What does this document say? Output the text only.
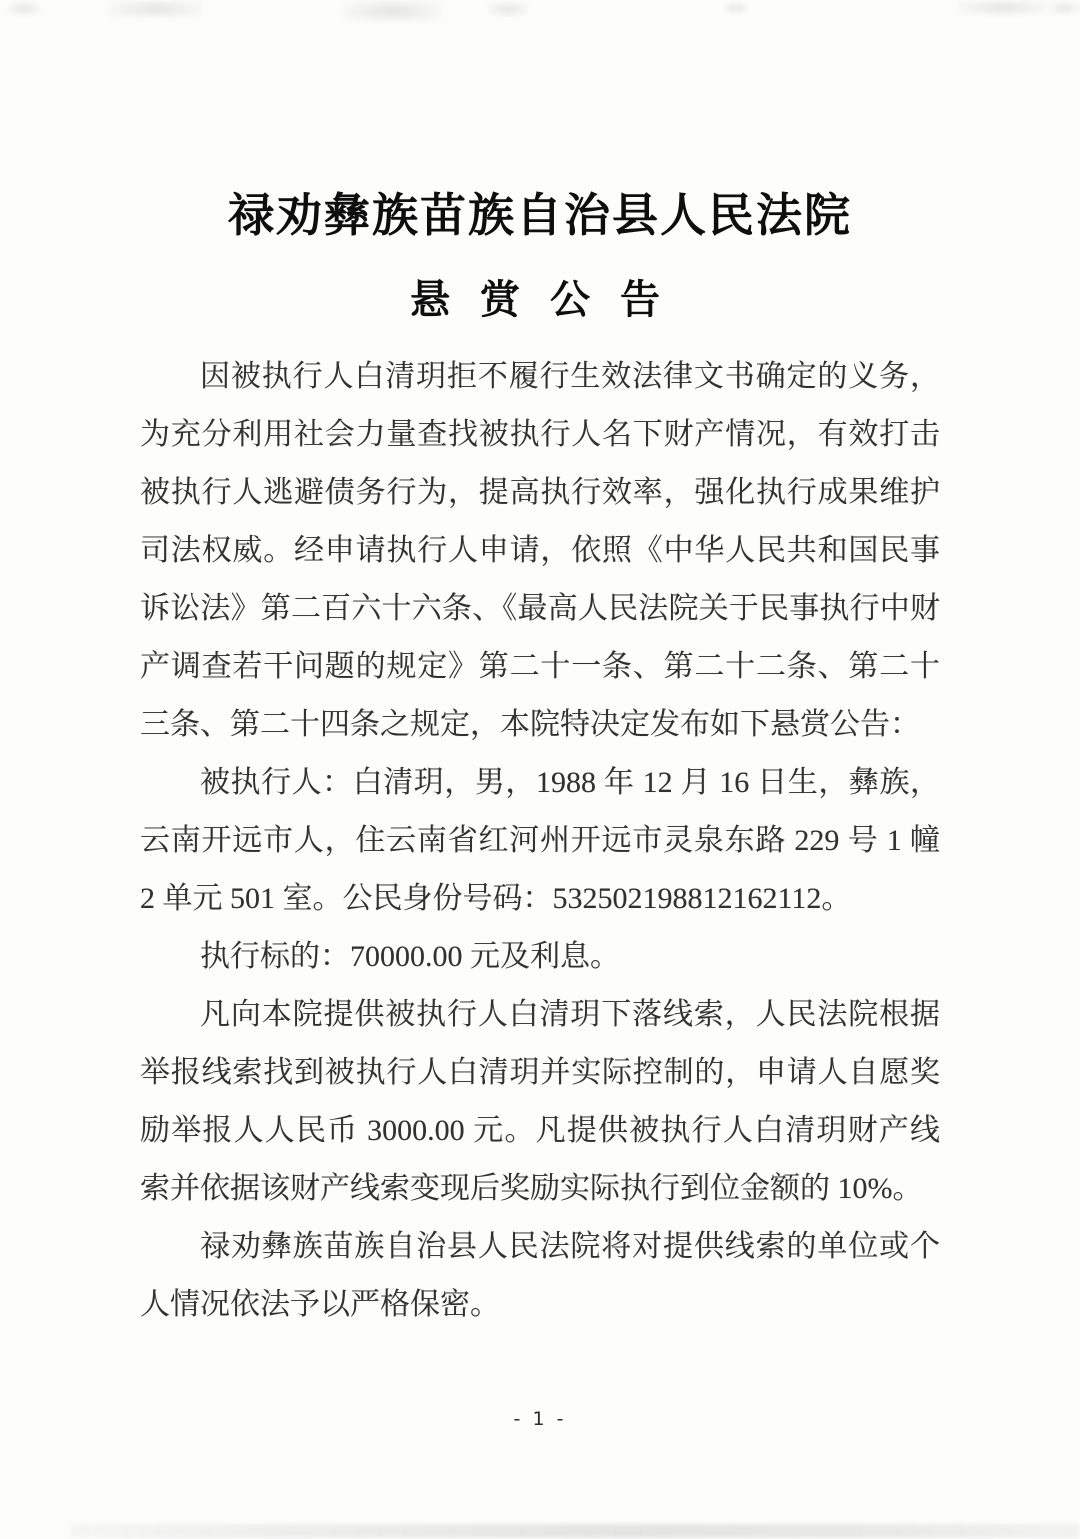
禄劝彝族苗族自治县人民法院
悬 赏 公 告

因被执行人白清玥拒不履行生效法律文书确定的义务，为充分利用社会力量查找被执行人名下财产情况，有效打击被执行人逃避债务行为，提高执行效率，强化执行成果维护司法权威。经申请执行人申请，依照《中华人民共和国民事诉讼法》第二百六十六条、《最高人民法院关于民事执行中财产调查若干问题的规定》第二十一条、第二十二条、第二十三条、第二十四条之规定，本院特决定发布如下悬赏公告：

被执行人：白清玥，男，1988 年 12 月 16 日生，彝族，云南开远市人，住云南省红河州开远市灵泉东路 229 号 1 幢 2 单元 501 室。公民身份号码：532502198812162112。

执行标的：70000.00 元及利息。

凡向本院提供被执行人白清玥下落线索，人民法院根据举报线索找到被执行人白清玥并实际控制的，申请人自愿奖励举报人人民币 3000.00 元。凡提供被执行人白清玥财产线索并依据该财产线索变现后奖励实际执行到位金额的 10%。

禄劝彝族苗族自治县人民法院将对提供线索的单位或个人情况依法予以严格保密。

- 1 -
